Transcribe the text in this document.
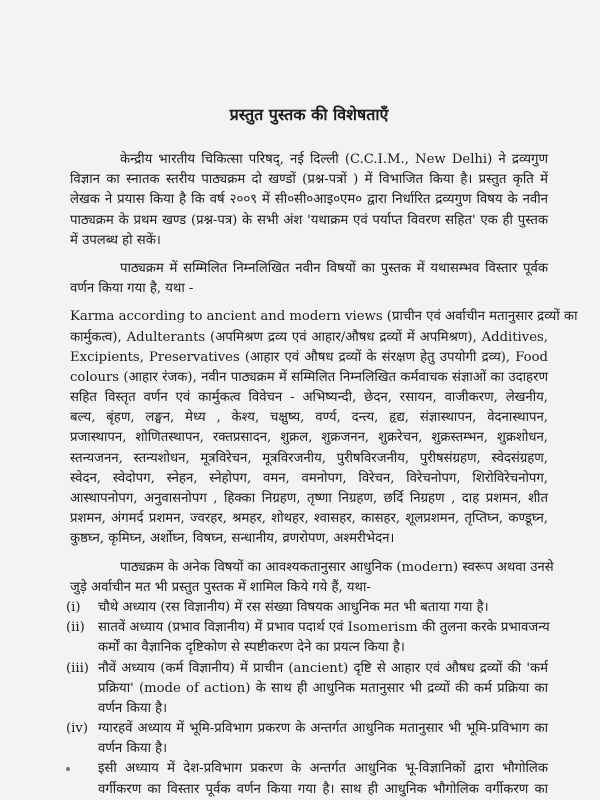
प्रस्तुत पुस्तक की विशेषताएँ
केन्द्रीय भारतीय चिकित्सा परिषद्, नई दिल्ली (C.C.I.M., New Delhi) ने द्रव्यगुण
विज्ञान का स्नातक स्तरीय पाठ्यक्रम दो खण्डों (प्रश्न-पत्रों ) में विभाजित किया है। प्रस्तुत कृति में
लेखक ने प्रयास किया है कि वर्ष २००९ में सी०सी०आइ०एम० द्वारा निर्धारित द्रव्यगुण विषय के नवीन
पाठ्यक्रम के प्रथम खण्ड (प्रश्न-पत्र) के सभी अंश 'यथाक्रम एवं पर्याप्त विवरण सहित' एक ही पुस्तक
में उपलब्ध हो सकें।
पाठ्यक्रम में सम्मिलित निम्नलिखित नवीन विषयों का पुस्तक में यथासम्भव विस्तार पूर्वक
वर्णन किया गया है, यथा -
Karma according to ancient and modern views (प्राचीन एवं अर्वाचीन मतानुसार द्रव्यों का
कार्मुकत्व), Adulterants (अपमिश्रण द्रव्य एवं आहार/औषध द्रव्यों में अपमिश्रण), Additives,
Excipients, Preservatives (आहार एवं औषध द्रव्यों के संरक्षण हेतु उपयोगी द्रव्य), Food
colours (आहार रंजक), नवीन पाठ्यक्रम में सम्मिलित निम्नलिखित कर्मवाचक संज्ञाओं का उदाहरण
सहित विस्तृत वर्णन एवं कार्मुकत्व विवेचन - अभिष्यन्दी, छेदन, रसायन, वाजीकरण, लेखनीय,
बल्य, बृंहण, लङ्घन, मेध्य , केश्य, चक्षुष्य, वर्ण्य, दन्त्य, हृद्य, संज्ञास्थापन, वेदनास्थापन,
प्रजास्थापन, शोणितस्थापन, रक्तप्रसादन, शुक्रल, शुक्रजनन, शुक्ररेचन, शुक्रस्तम्भन, शुक्रशोधन,
स्तन्यजनन, स्तन्यशोधन, मूत्रविरेचन, मूत्रविरजनीय, पुरीषविरजनीय, पुरीषसंग्रहण, स्वेदसंग्रहण,
स्वेदन, स्वेदोपग, स्नेहन, स्नेहोपग, वमन, वमनोपग, विरेचन, विरेचनोपग, शिरोविरेचनोपग,
आस्थापनोपग, अनुवासनोपग , हिक्का निग्रहण, तृष्णा निग्रहण, छर्दि निग्रहण , दाह प्रशमन, शीत
प्रशमन, अंगमर्द प्रशमन, ज्वरहर, श्रमहर, शोथहर, श्वासहर, कासहर, शूलप्रशमन, तृप्तिघ्न, कण्डूघ्न,
कुष्ठघ्न, कृमिघ्न, अर्शोघ्न, विषघ्न, सन्धानीय, व्रणरोपण, अश्मरीभेदन।
पाठ्यक्रम के अनेक विषयों का आवश्यकतानुसार आधुनिक (modern) स्वरूप अथवा उनसे
जुड़े अर्वाचीन मत भी प्रस्तुत पुस्तक में शामिल किये गये हैं, यथा-
(i) चौथे अध्याय (रस विज्ञानीय) में रस संख्या विषयक आधुनिक मत भी बताया गया है।
(ii) सातवें अध्याय (प्रभाव विज्ञानीय) में प्रभाव पदार्थ एवं Isomerism की तुलना करके प्रभावजन्य
कर्मों का वैज्ञानिक दृष्टिकोण से स्पष्टीकरण देने का प्रयत्न किया है।
(iii) नौवें अध्याय (कर्म विज्ञानीय) में प्राचीन (ancient) दृष्टि से आहार एवं औषध द्रव्यों की 'कर्म
प्रक्रिया' (mode of action) के साथ ही आधुनिक मतानुसार भी द्रव्यों की कर्म प्रक्रिया का
वर्णन किया है।
(iv) ग्यारहवें अध्याय में भूमि-प्रविभाग प्रकरण के अन्तर्गत आधुनिक मतानुसार भी भूमि-प्रविभाग का
वर्णन किया है।
इसी अध्याय में देश-प्रविभाग प्रकरण के अन्तर्गत आधुनिक भू-विज्ञानिकों द्वारा भौगोलिक
वर्गीकरण का विस्तार पूर्वक वर्णन किया गया है। साथ ही आधुनिक भौगोलिक वर्गीकरण का
